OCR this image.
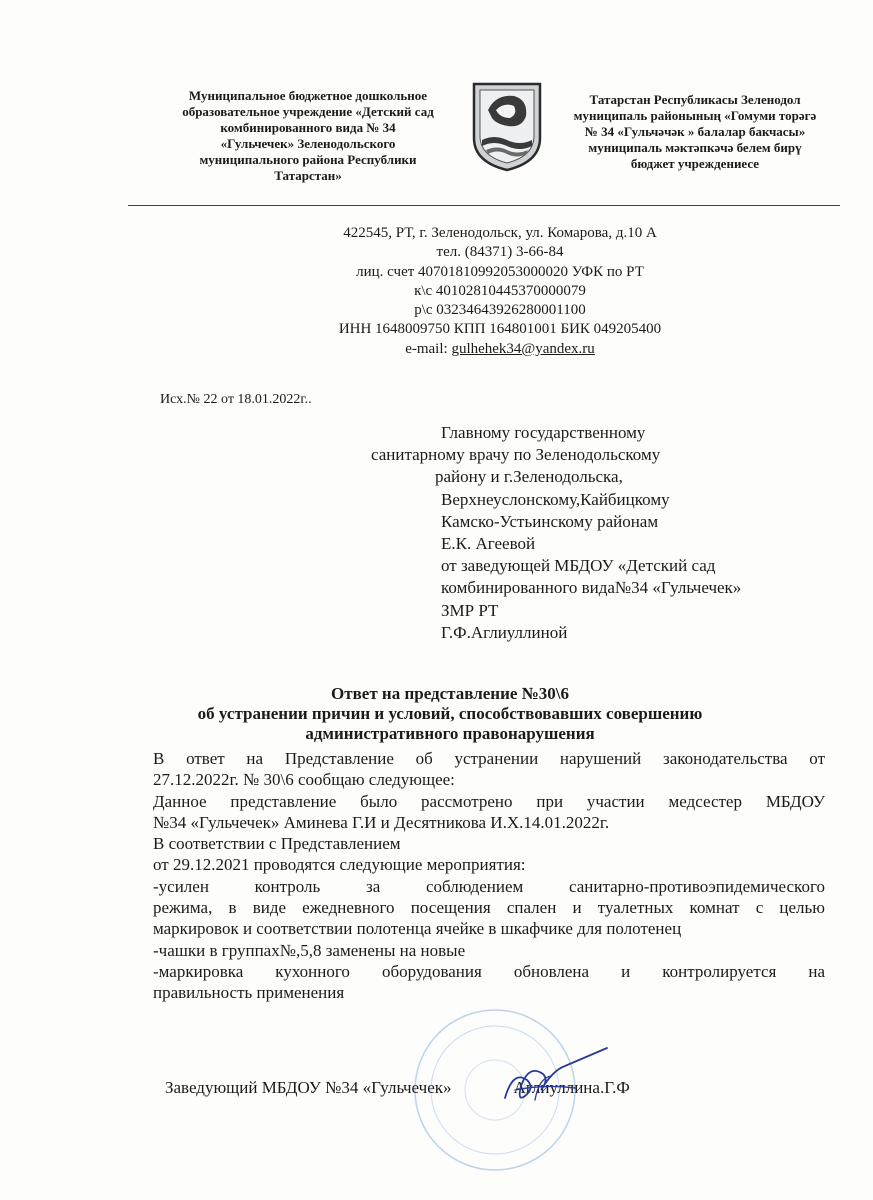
Муниципальное бюджетное дошкольное
образовательное учреждение «Детский сад
комбинированного вида № 34
«Гульчечек» Зеленодольского
муниципального района Республики
Татарстан»
Татарстан Республикасы Зеленодол
муниципаль районының «Гомуми торəгə
№ 34 «Гульчәчәк » балалар бакчасы»
муниципаль мәктәпкәчә белем бирү
бюджет учреждениесе
422545, РТ, г. Зеленодольск, ул. Комарова, д.10 А
тел. (84371) 3-66-84
лиц. счет 40701810992053000020 УФК по РТ
к\с 40102810445370000079
р\с 03234643926280001100
ИНН 1648009750 КПП 164801001 БИК 049205400
e-mail: gulhehek34@yandex.ru
Исх.№ 22 от 18.01.2022г..
Главному государственному
санитарному врачу по Зеленодольскому
району и г.Зеленодольска,
Верхнеуслонскому,Кайбицкому
Камско-Устьинскому районам
Е.К. Агеевой
от заведующей МБДОУ «Детский сад
комбинированного вида№34 «Гульчечек»
ЗМР РТ
Г.Ф.Аглиуллиной
Ответ на представление №30\6
об устранении причин и условий, способствовавших совершению
административного правонарушения
В ответ на Представление об устранении нарушений законодательства от
27.12.2022г. № 30\6 сообщаю следующее:
Данное представление было рассмотрено при участии медсестер МБДОУ
№34 «Гульчечек» Аминева Г.И и Десятникова И.Х.14.01.2022г.
В соответствии с Представлением
от 29.12.2021 проводятся следующие мероприятия:
-усилен контроль за соблюдением санитарно-противоэпидемического
режима, в виде ежедневного посещения спален и туалетных комнат с целью
маркировок и соответствии полотенца ячейке в шкафчике для полотенец
-чашки в группах№,5,8 заменены на новые
-маркировка кухонного оборудования обновлена и контролируется на
правильность применения
Заведующий МБДОУ №34 «Гульчечек»	Аглиуллина.Г.Ф
